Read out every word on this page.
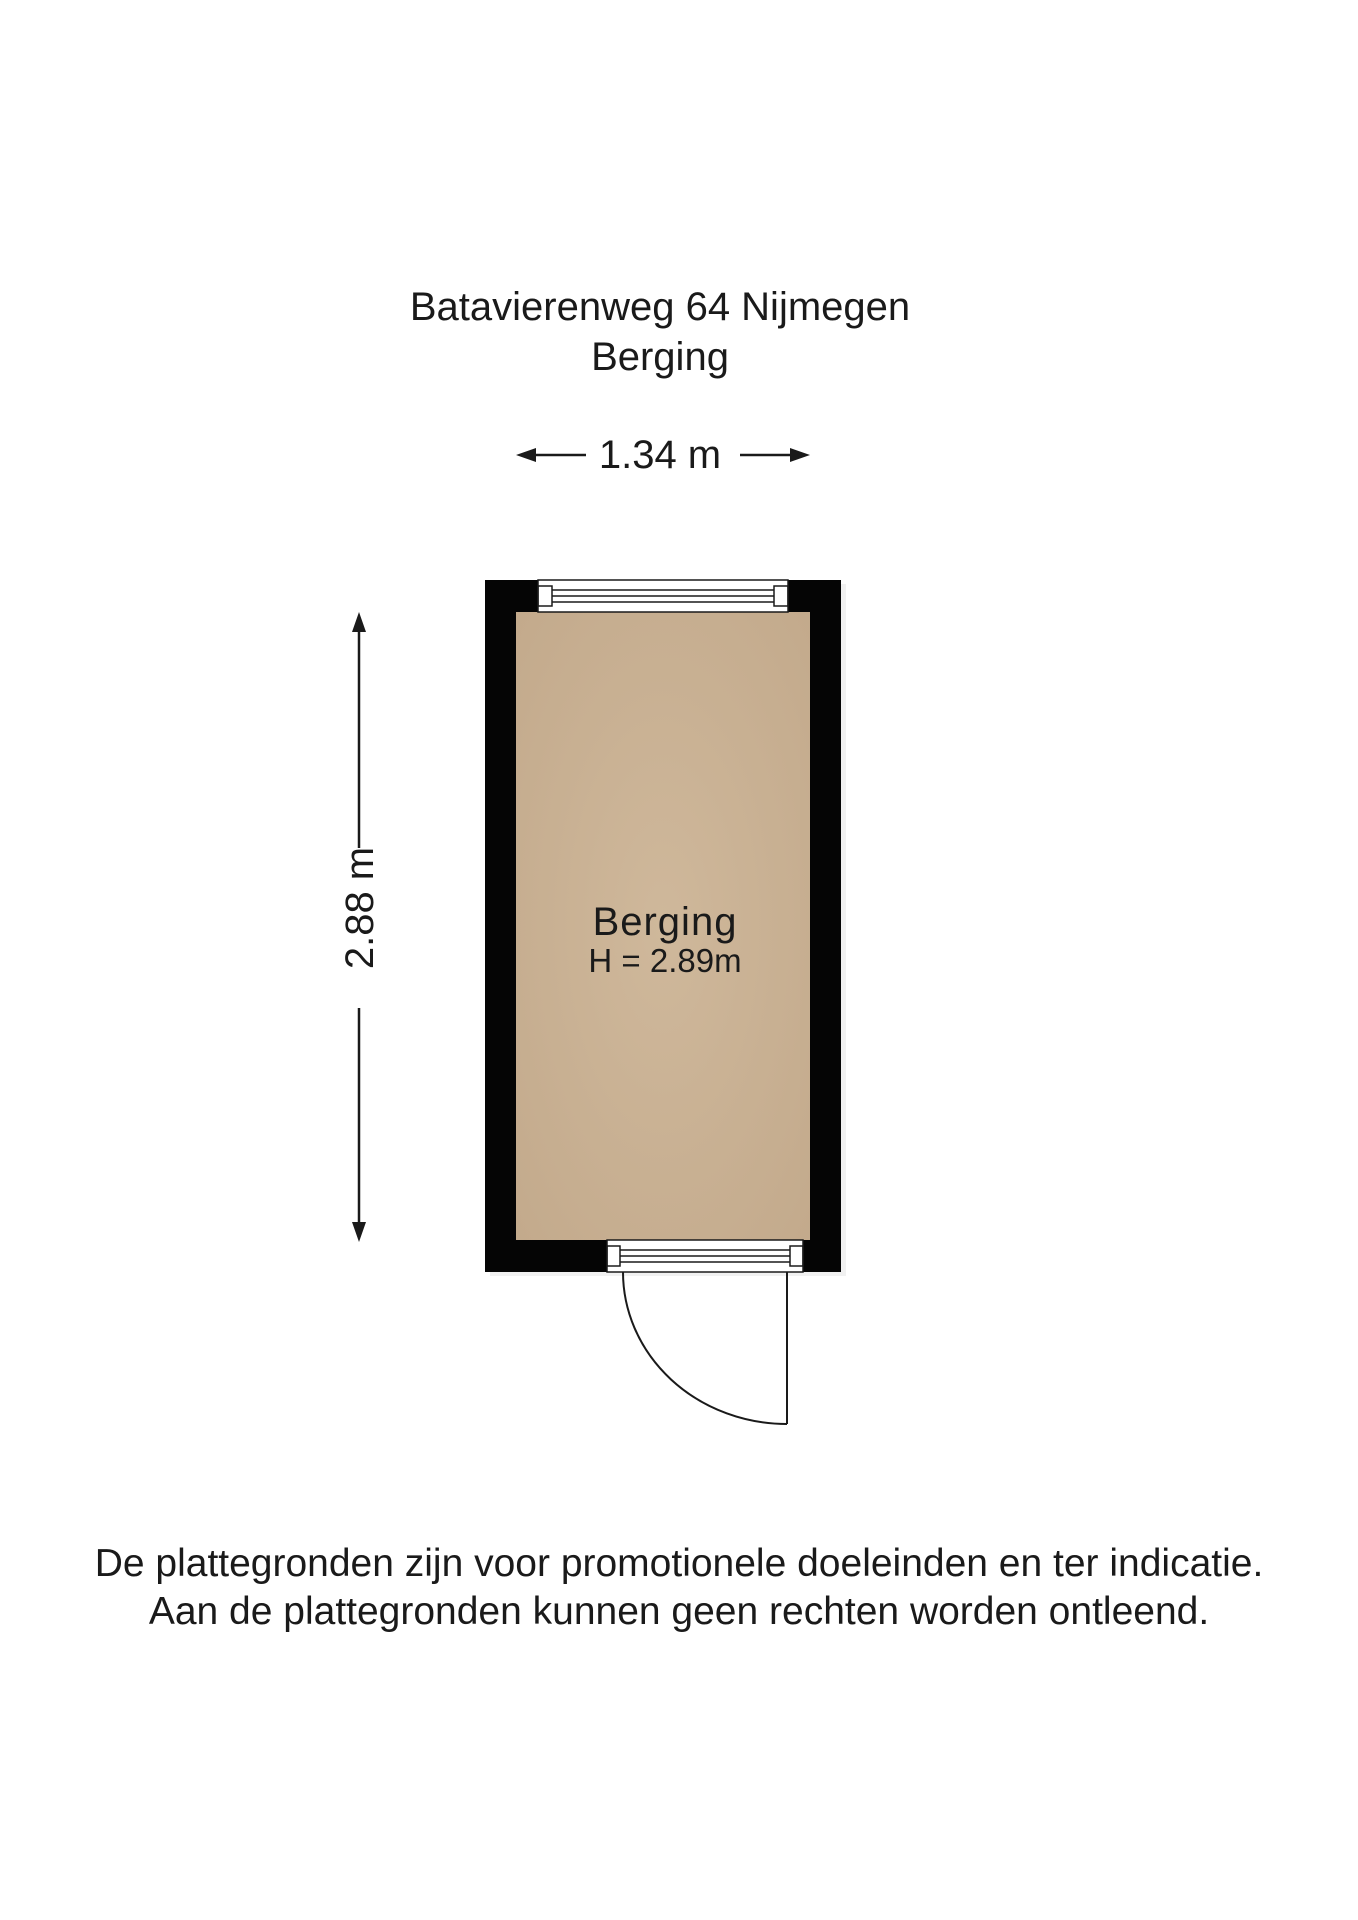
Batavierenweg 64 Nijmegen
Berging
1.34 m
2.88 m	Berging
H = 2.89m
De plattegronden zijn voor promotionele doeleinden en ter indicatie.
Aan de plattegronden kunnen geen rechten worden ontleend.
